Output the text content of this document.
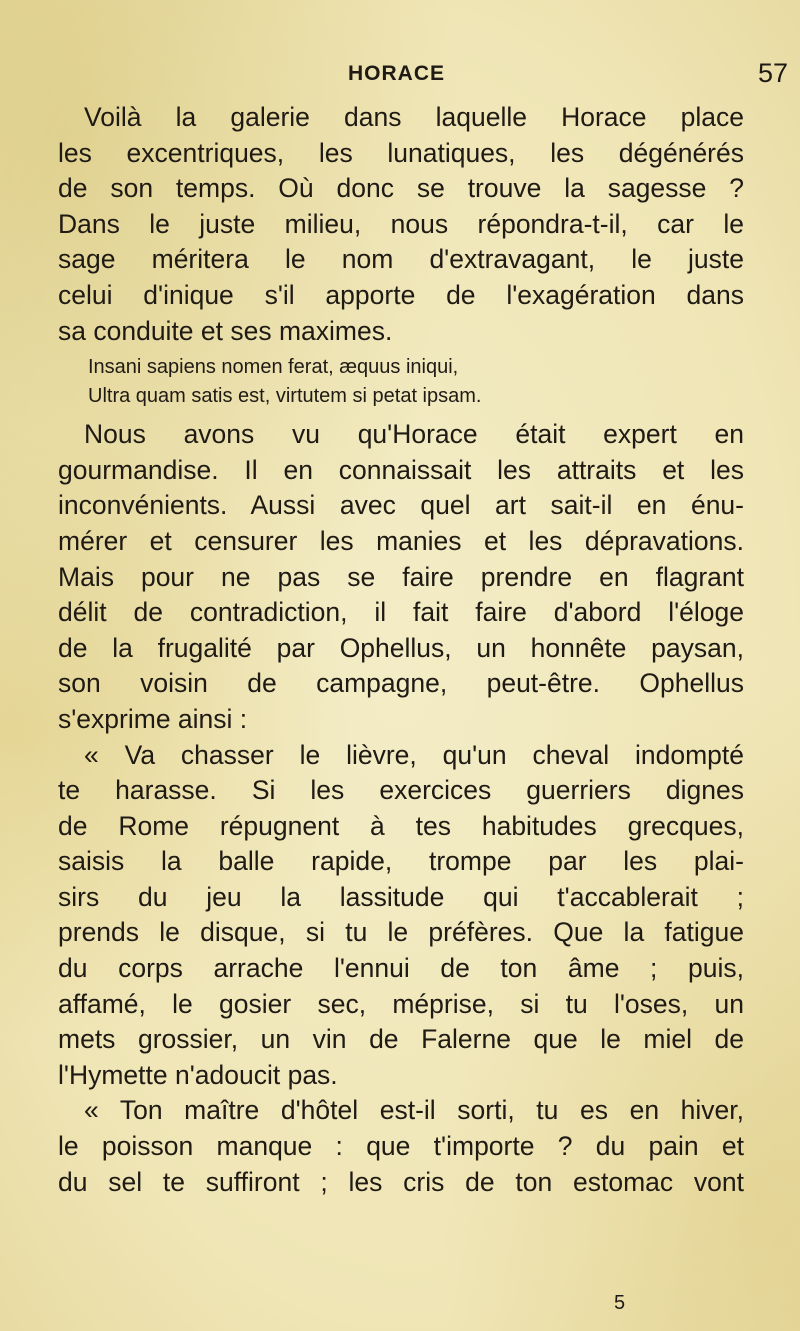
HORACE	57
Voilà la galerie dans laquelle Horace place
les excentriques, les lunatiques, les dégénérés
de son temps. Où donc se trouve la sagesse ?
Dans le juste milieu, nous répondra-t-il, car le
sage méritera le nom d'extravagant, le juste
celui d'inique s'il apporte de l'exagération dans
sa conduite et ses maximes.
Insani sapiens nomen ferat, æquus iniqui,
Ultra quam satis est, virtutem si petat ipsam.
Nous avons vu qu'Horace était expert en
gourmandise. Il en connaissait les attraits et les
inconvénients. Aussi avec quel art sait-il en énu-
mérer et censurer les manies et les dépravations.
Mais pour ne pas se faire prendre en flagrant
délit de contradiction, il fait faire d'abord l'éloge
de la frugalité par Ophellus, un honnête paysan,
son voisin de campagne, peut-être. Ophellus
s'exprime ainsi :
« Va chasser le lièvre, qu'un cheval indompté
te harasse. Si les exercices guerriers dignes
de Rome répugnent à tes habitudes grecques,
saisis la balle rapide, trompe par les plai-
sirs du jeu la lassitude qui t'accablerait ;
prends le disque, si tu le préfères. Que la fatigue
du corps arrache l'ennui de ton âme ; puis,
affamé, le gosier sec, méprise, si tu l'oses, un
mets grossier, un vin de Falerne que le miel de
l'Hymette n'adoucit pas.
« Ton maître d'hôtel est-il sorti, tu es en hiver,
le poisson manque : que t'importe ? du pain et
du sel te suffiront ; les cris de ton estomac vont
5
